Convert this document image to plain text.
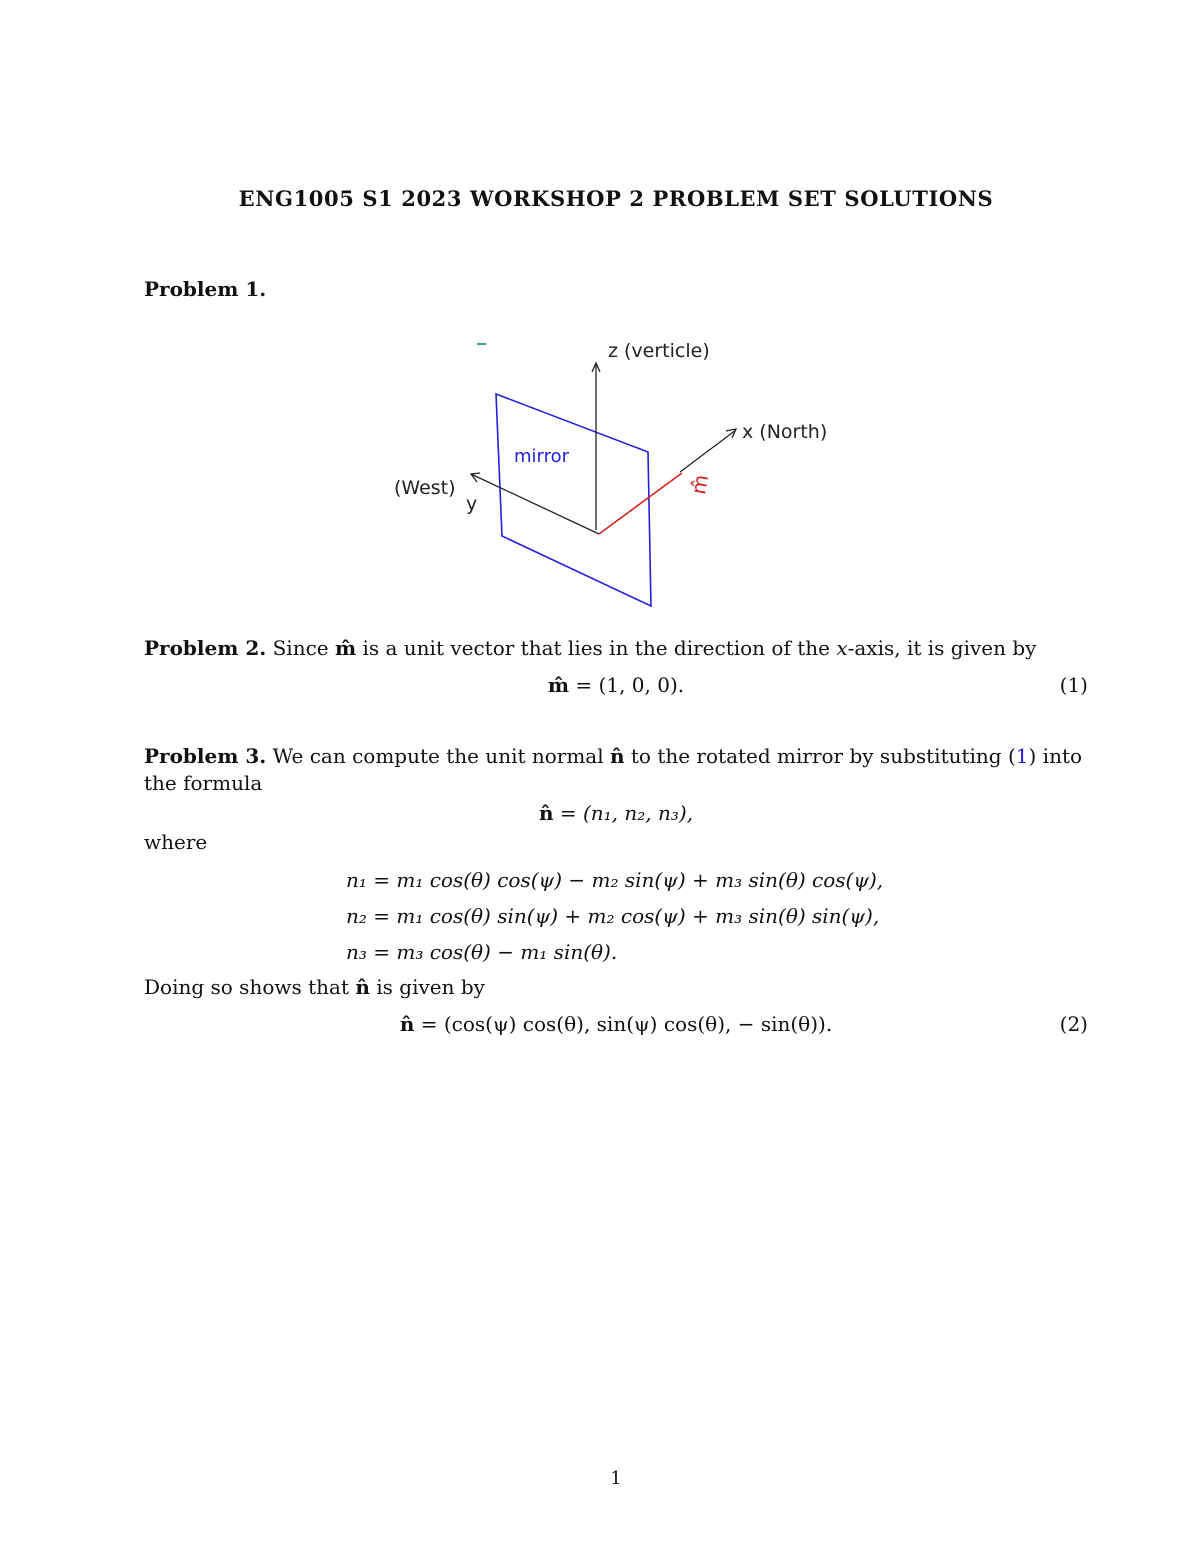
ENG1005 S1 2023 WORKSHOP 2 PROBLEM SET SOLUTIONS
Problem 1.
z (verticle)
x (North)
(West)
y
mirror
m̂
Problem 2. Since m̂ is a unit vector that lies in the direction of the x-axis, it is given by
m̂ = (1, 0, 0).	(1)
Problem 3. We can compute the unit normal n̂ to the rotated mirror by substituting (1) into
the formula
n̂ = (n₁, n₂, n₃),
where
n₁ = m₁ cos(θ) cos(ψ) − m₂ sin(ψ) + m₃ sin(θ) cos(ψ),
n₂ = m₁ cos(θ) sin(ψ) + m₂ cos(ψ) + m₃ sin(θ) sin(ψ),
n₃ = m₃ cos(θ) − m₁ sin(θ).
Doing so shows that n̂ is given by
n̂ = (cos(ψ) cos(θ), sin(ψ) cos(θ), − sin(θ)).	(2)
1
